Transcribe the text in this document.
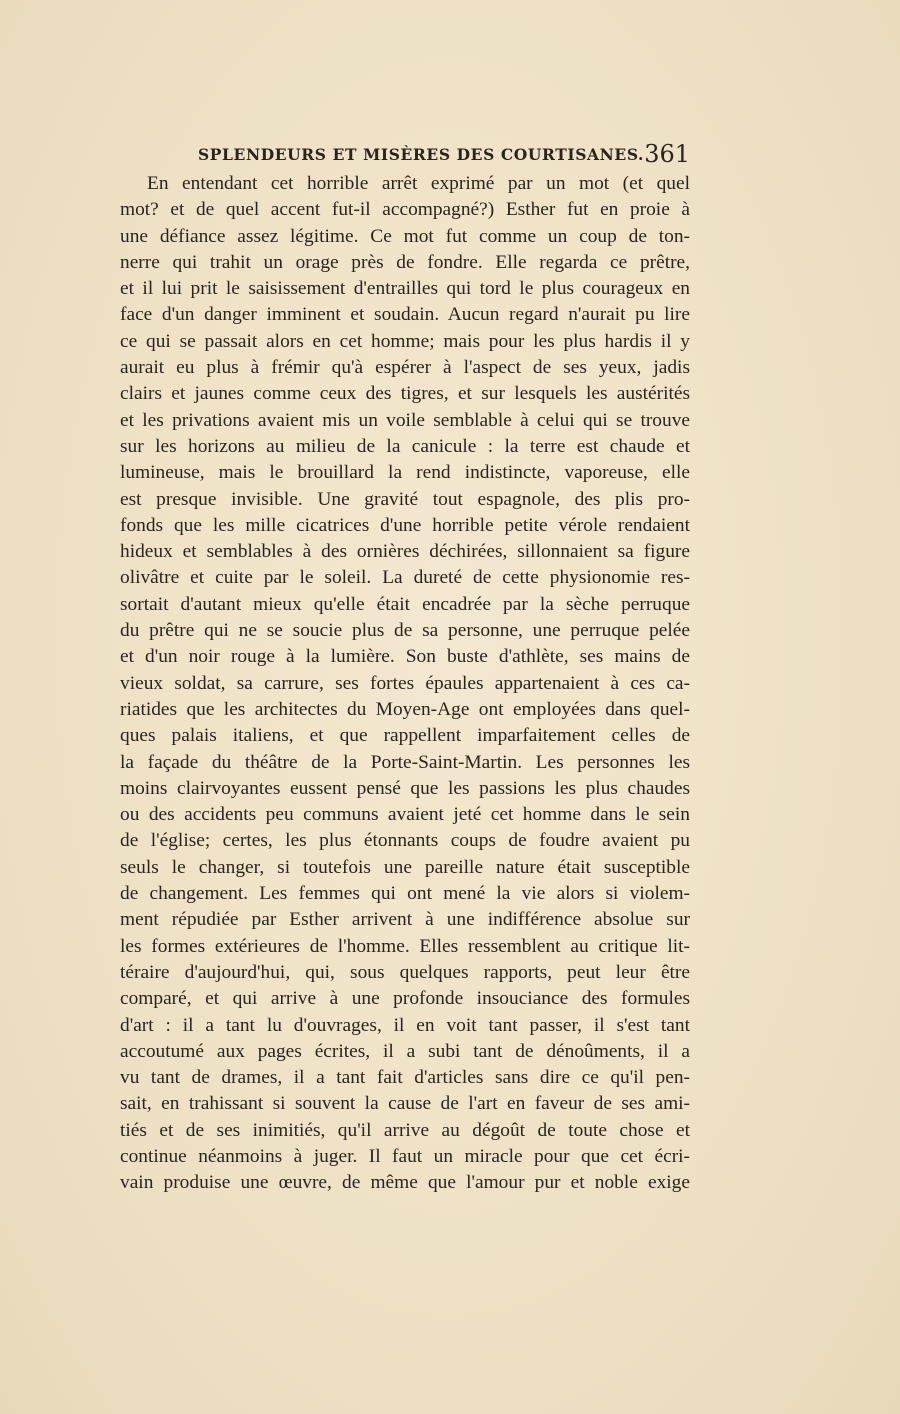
SPLENDEURS ET MISÈRES DES COURTISANES. 361
En entendant cet horrible arrêt exprimé par un mot (et quel
mot? et de quel accent fut-il accompagné?) Esther fut en proie à
une défiance assez légitime. Ce mot fut comme un coup de ton-
nerre qui trahit un orage près de fondre. Elle regarda ce prêtre,
et il lui prit le saisissement d'entrailles qui tord le plus courageux en
face d'un danger imminent et soudain. Aucun regard n'aurait pu lire
ce qui se passait alors en cet homme; mais pour les plus hardis il y
aurait eu plus à frémir qu'à espérer à l'aspect de ses yeux, jadis
clairs et jaunes comme ceux des tigres, et sur lesquels les austérités
et les privations avaient mis un voile semblable à celui qui se trouve
sur les horizons au milieu de la canicule : la terre est chaude et
lumineuse, mais le brouillard la rend indistincte, vaporeuse, elle
est presque invisible. Une gravité tout espagnole, des plis pro-
fonds que les mille cicatrices d'une horrible petite vérole rendaient
hideux et semblables à des ornières déchirées, sillonnaient sa figure
olivâtre et cuite par le soleil. La dureté de cette physionomie res-
sortait d'autant mieux qu'elle était encadrée par la sèche perruque
du prêtre qui ne se soucie plus de sa personne, une perruque pelée
et d'un noir rouge à la lumière. Son buste d'athlète, ses mains de
vieux soldat, sa carrure, ses fortes épaules appartenaient à ces ca-
riatides que les architectes du Moyen-Age ont employées dans quel-
ques palais italiens, et que rappellent imparfaitement celles de
la façade du théâtre de la Porte-Saint-Martin. Les personnes les
moins clairvoyantes eussent pensé que les passions les plus chaudes
ou des accidents peu communs avaient jeté cet homme dans le sein
de l'église; certes, les plus étonnants coups de foudre avaient pu
seuls le changer, si toutefois une pareille nature était susceptible
de changement. Les femmes qui ont mené la vie alors si violem-
ment répudiée par Esther arrivent à une indifférence absolue sur
les formes extérieures de l'homme. Elles ressemblent au critique lit-
téraire d'aujourd'hui, qui, sous quelques rapports, peut leur être
comparé, et qui arrive à une profonde insouciance des formules
d'art : il a tant lu d'ouvrages, il en voit tant passer, il s'est tant
accoutumé aux pages écrites, il a subi tant de dénoûments, il a
vu tant de drames, il a tant fait d'articles sans dire ce qu'il pen-
sait, en trahissant si souvent la cause de l'art en faveur de ses ami-
tiés et de ses inimitiés, qu'il arrive au dégoût de toute chose et
continue néanmoins à juger. Il faut un miracle pour que cet écri-
vain produise une œuvre, de même que l'amour pur et noble exige
